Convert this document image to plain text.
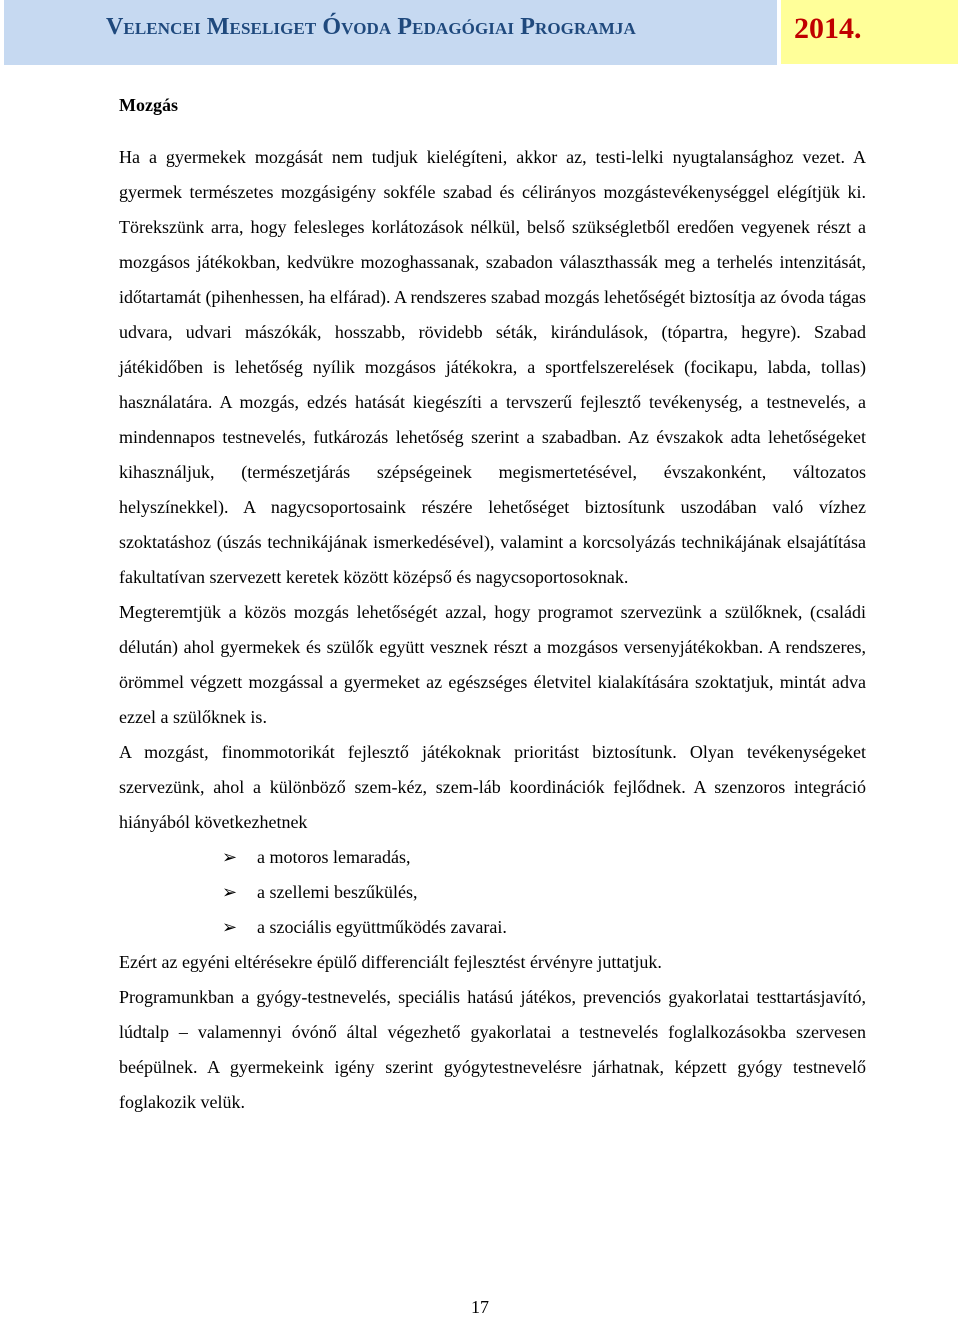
Velencei Meseliget Óvoda Pedagógiai Programja	2014.
Mozgás

Ha a gyermekek mozgását nem tudjuk kielégíteni, akkor az, testi-lelki nyugtalansághoz vezet. A gyermek természetes mozgásigény sokféle szabad és célirányos mozgástevékenységgel elégítjük ki. Törekszünk arra, hogy felesleges korlátozások nélkül, belső szükségletből eredően vegyenek részt a mozgásos játékokban, kedvükre mozoghassanak, szabadon választhassák meg a terhelés intenzitását, időtartamát (pihenhessen, ha elfárad). A rendszeres szabad mozgás lehetőségét biztosítja az óvoda tágas udvara, udvari mászókák, hosszabb, rövidebb séták, kirándulások, (tópartra, hegyre). Szabad játékidőben is lehetőség nyílik mozgásos játékokra, a sportfelszerelések (focikapu, labda, tollas) használatára. A mozgás, edzés hatását kiegészíti a tervszerű fejlesztő tevékenység, a testnevelés, a mindennapos testnevelés, futkározás lehetőség szerint a szabadban. Az évszakok adta lehetőségeket kihasználjuk, (természetjárás szépségeinek megismertetésével, évszakonként, változatos helyszínekkel). A nagycsoportosaink részére lehetőséget biztosítunk uszodában való vízhez szoktatáshoz (úszás technikájának ismerkedésével), valamint a korcsolyázás technikájának elsajátítása fakultatívan szervezett keretek között középső és nagycsoportosoknak.

Megteremtjük a közös mozgás lehetőségét azzal, hogy programot szervezünk a szülőknek, (családi délután) ahol gyermekek és szülők együtt vesznek részt a mozgásos versenyjátékokban. A rendszeres, örömmel végzett mozgással a gyermeket az egészséges életvitel kialakítására szoktatjuk, mintát adva ezzel a szülőknek is.

A mozgást, finommotorikát fejlesztő játékoknak prioritást biztosítunk. Olyan tevékenységeket szervezünk, ahol a különböző szem-kéz, szem-láb koordinációk fejlődnek. A szenzoros integráció hiányából következhetnek

➢ a motoros lemaradás,
➢ a szellemi beszűkülés,
➢ a szociális együttműködés zavarai.

Ezért az egyéni eltérésekre épülő differenciált fejlesztést érvényre juttatjuk.

Programunkban a gyógy-testnevelés, speciális hatású játékos, prevenciós gyakorlatai testtartásjavító, lúdtalp – valamennyi óvónő által végezhető gyakorlatai a testnevelés foglalkozásokba szervesen beépülnek. A gyermekeink igény szerint gyógytestnevelésre járhatnak, képzett gyógy testnevelő foglakozik velük.

17
